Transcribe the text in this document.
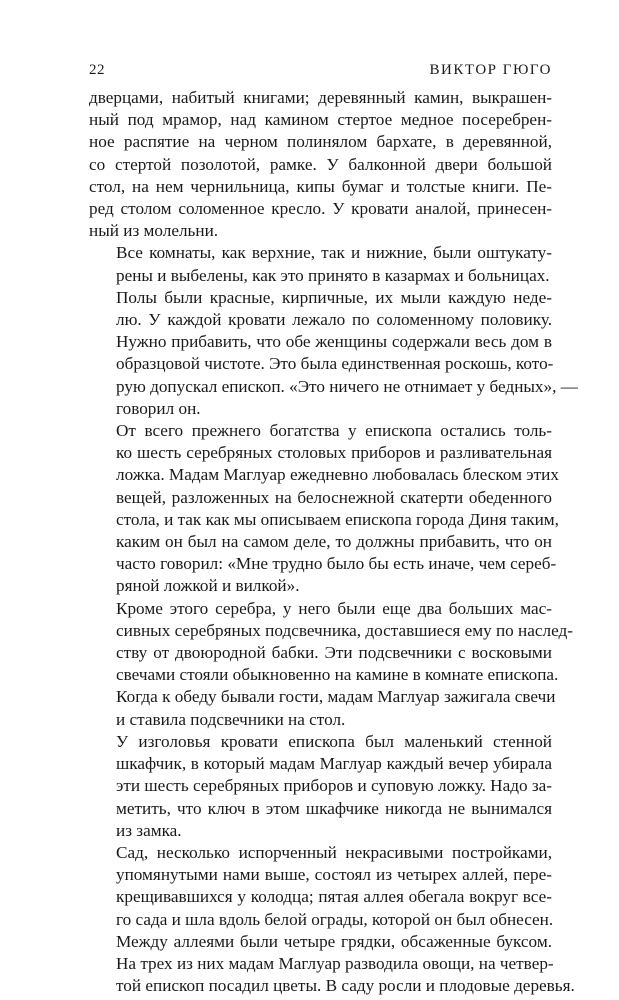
22	ВИКТОР ГЮГО

дверцами, набитый книгами; деревянный камин, выкрашен-
ный под мрамор, над камином стертое медное посеребрен-
ное распятие на черном полинялом бархате, в деревянной,
со стертой позолотой, рамке. У балконной двери большой
стол, на нем чернильница, кипы бумаг и толстые книги. Пе-
ред столом соломенное кресло. У кровати аналой, принесен-
ный из молельни.

Все комнаты, как верхние, так и нижние, были оштукату-
рены и выбелены, как это принято в казармах и больницах.

Полы были красные, кирпичные, их мыли каждую неде-
лю. У каждой кровати лежало по соломенному половику.
Нужно прибавить, что обе женщины содержали весь дом в
образцовой чистоте. Это была единственная роскошь, кото-
рую допускал епископ. «Это ничего не отнимает у бедных», —
говорил он.

От всего прежнего богатства у епископа остались толь-
ко шесть серебряных столовых приборов и разливательная
ложка. Мадам Маглуар ежедневно любовалась блеском этих
вещей, разложенных на белоснежной скатерти обеденного
стола, и так как мы описываем епископа города Диня таким,
каким он был на самом деле, то должны прибавить, что он
часто говорил: «Мне трудно было бы есть иначе, чем сереб-
ряной ложкой и вилкой».

Кроме этого серебра, у него были еще два больших мас-
сивных серебряных подсвечника, доставшиеся ему по наслед-
ству от двоюродной бабки. Эти подсвечники с восковыми
свечами стояли обыкновенно на камине в комнате епископа.
Когда к обеду бывали гости, мадам Маглуар зажигала свечи
и ставила подсвечники на стол.

У изголовья кровати епископа был маленький стенной
шкафчик, в который мадам Маглуар каждый вечер убирала
эти шесть серебряных приборов и суповую ложку. Надо за-
метить, что ключ в этом шкафчике никогда не вынимался
из замка.

Сад, несколько испорченный некрасивыми постройками,
упомянутыми нами выше, состоял из четырех аллей, пере-
крещивавшихся у колодца; пятая аллея обегала вокруг все-
го сада и шла вдоль белой ограды, которой он был обнесен.
Между аллеями были четыре грядки, обсаженные буксом.
На трех из них мадам Маглуар разводила овощи, на четвер-
той епископ посадил цветы. В саду росли и плодовые деревья.
